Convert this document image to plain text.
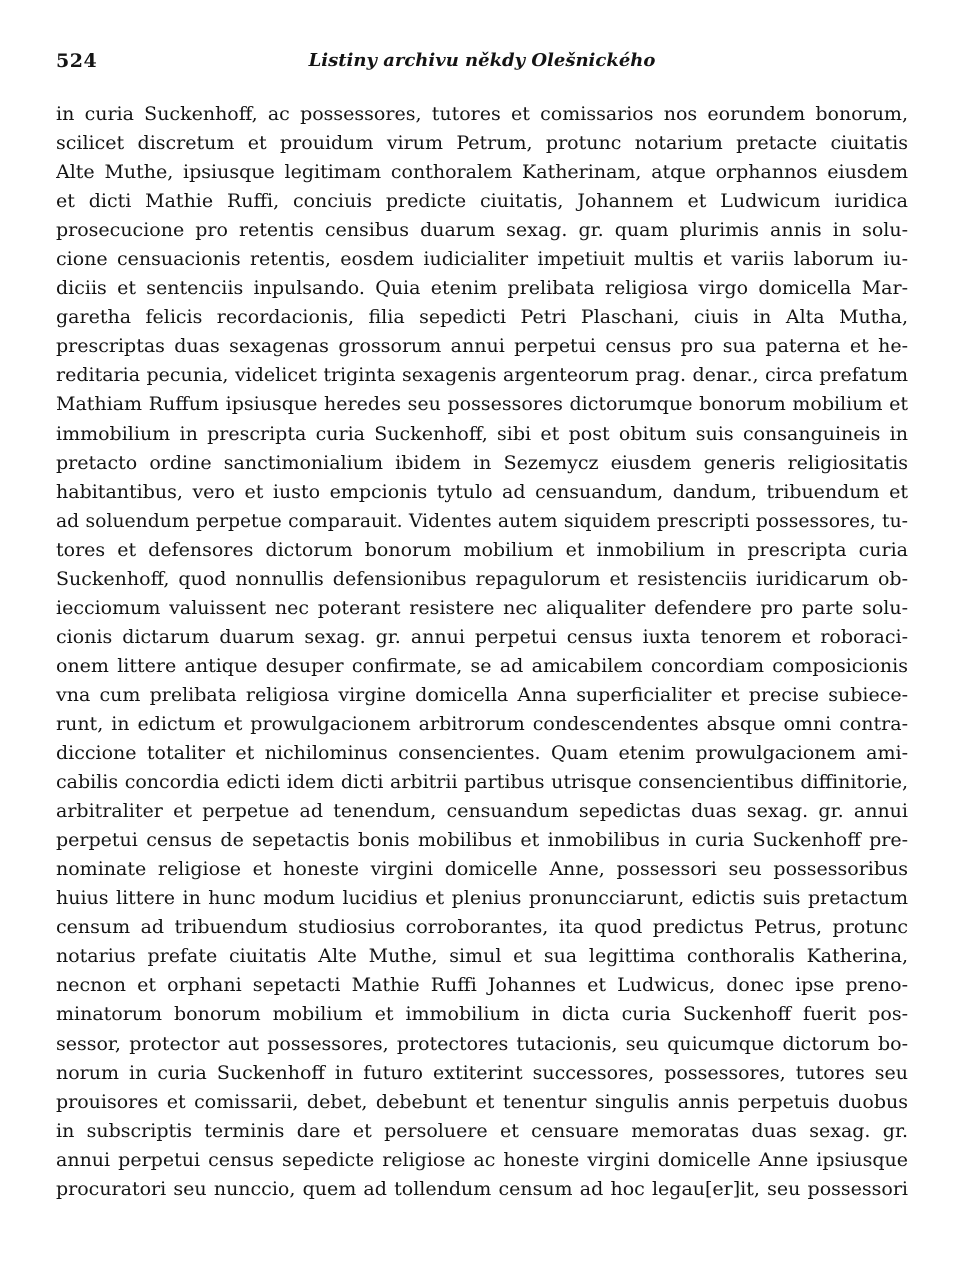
524	Listiny archivu někdy Olešnického
in curia Suckenhoff, ac possessores, tutores et comissarios nos eorundem bonorum,
scilicet discretum et prouidum virum Petrum, protunc notarium pretacte ciuitatis
Alte Muthe, ipsiusque legitimam conthoralem Katherinam, atque orphannos eiusdem
et dicti Mathie Ruffi, conciuis predicte ciuitatis, Johannem et Ludwicum iuridica
prosecucione pro retentis censibus duarum sexag. gr. quam plurimis annis in solu-
cione censuacionis retentis, eosdem iudicialiter impetiuit multis et variis laborum iu-
diciis et sentenciis inpulsando. Quia etenim prelibata religiosa virgo domicella Mar-
garetha felicis recordacionis, filia sepedicti Petri Plaschani, ciuis in Alta Mutha,
prescriptas duas sexagenas grossorum annui perpetui census pro sua paterna et he-
reditaria pecunia, videlicet triginta sexagenis argenteorum prag. denar., circa prefatum
Mathiam Ruffum ipsiusque heredes seu possessores dictorumque bonorum mobilium et
immobilium in prescripta curia Suckenhoff, sibi et post obitum suis consanguineis in
pretacto ordine sanctimonialium ibidem in Sezemycz eiusdem generis religiositatis
habitantibus, vero et iusto empcionis tytulo ad censuandum, dandum, tribuendum et
ad soluendum perpetue comparauit. Videntes autem siquidem prescripti possessores, tu-
tores et defensores dictorum bonorum mobilium et inmobilium in prescripta curia
Suckenhoff, quod nonnullis defensionibus repagulorum et resistenciis iuridicarum ob-
iecciomum valuissent nec poterant resistere nec aliqualiter defendere pro parte solu-
cionis dictarum duarum sexag. gr. annui perpetui census iuxta tenorem et roboraci-
onem littere antique desuper confirmate, se ad amicabilem concordiam composicionis
vna cum prelibata religiosa virgine domicella Anna superficialiter et precise subiece-
runt, in edictum et prowulgacionem arbitrorum condescendentes absque omni contra-
diccione totaliter et nichilominus consencientes. Quam etenim prowulgacionem ami-
cabilis concordia edicti idem dicti arbitrii partibus utrisque consencientibus diffinitorie,
arbitraliter et perpetue ad tenendum, censuandum sepedictas duas sexag. gr. annui
perpetui census de sepetactis bonis mobilibus et inmobilibus in curia Suckenhoff pre-
nominate religiose et honeste virgini domicelle Anne, possessori seu possessoribus
huius littere in hunc modum lucidius et plenius pronuncciarunt, edictis suis pretactum
censum ad tribuendum studiosius corroborantes, ita quod predictus Petrus, protunc
notarius prefate ciuitatis Alte Muthe, simul et sua legittima conthoralis Katherina,
necnon et orphani sepetacti Mathie Ruffi Johannes et Ludwicus, donec ipse preno-
minatorum bonorum mobilium et immobilium in dicta curia Suckenhoff fuerit pos-
sessor, protector aut possessores, protectores tutacionis, seu quicumque dictorum bo-
norum in curia Suckenhoff in futuro extiterint successores, possessores, tutores seu
prouisores et comissarii, debet, debebunt et tenentur singulis annis perpetuis duobus
in subscriptis terminis dare et persoluere et censuare memoratas duas sexag. gr.
annui perpetui census sepedicte religiose ac honeste virgini domicelle Anne ipsiusque
procuratori seu nunccio, quem ad tollendum censum ad hoc legau[er]it, seu possessori
